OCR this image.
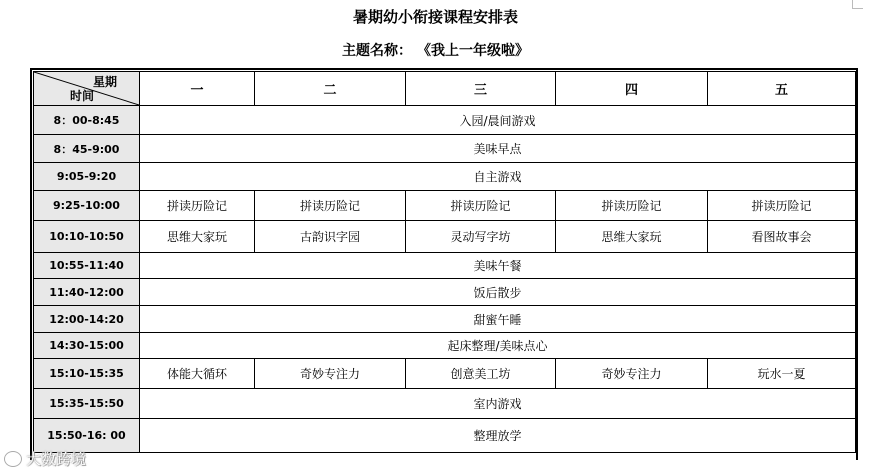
暑期幼小衔接课程安排表
主题名称： 《我上一年级啦》
星期
时间	一	二	三	四	五
8：00-8:45	入园/晨间游戏				
8：45-9:00	美味早点				
9:05-9:20	自主游戏				
9:25-10:00	拼读历险记	拼读历险记	拼读历险记	拼读历险记	拼读历险记
10:10-10:50	思维大家玩	古韵识字园	灵动写字坊	思维大家玩	看图故事会
10:55-11:40	美味午餐				
11:40-12:00	饭后散步				
12:00-14:20	甜蜜午睡				
14:30-15:00	起床整理/美味点心				
15:10-15:35	体能大循环	奇妙专注力	创意美工坊	奇妙专注力	玩水一夏
15:35-15:50	室内游戏				
15:50-16: 00	整理放学				
大数跨境
